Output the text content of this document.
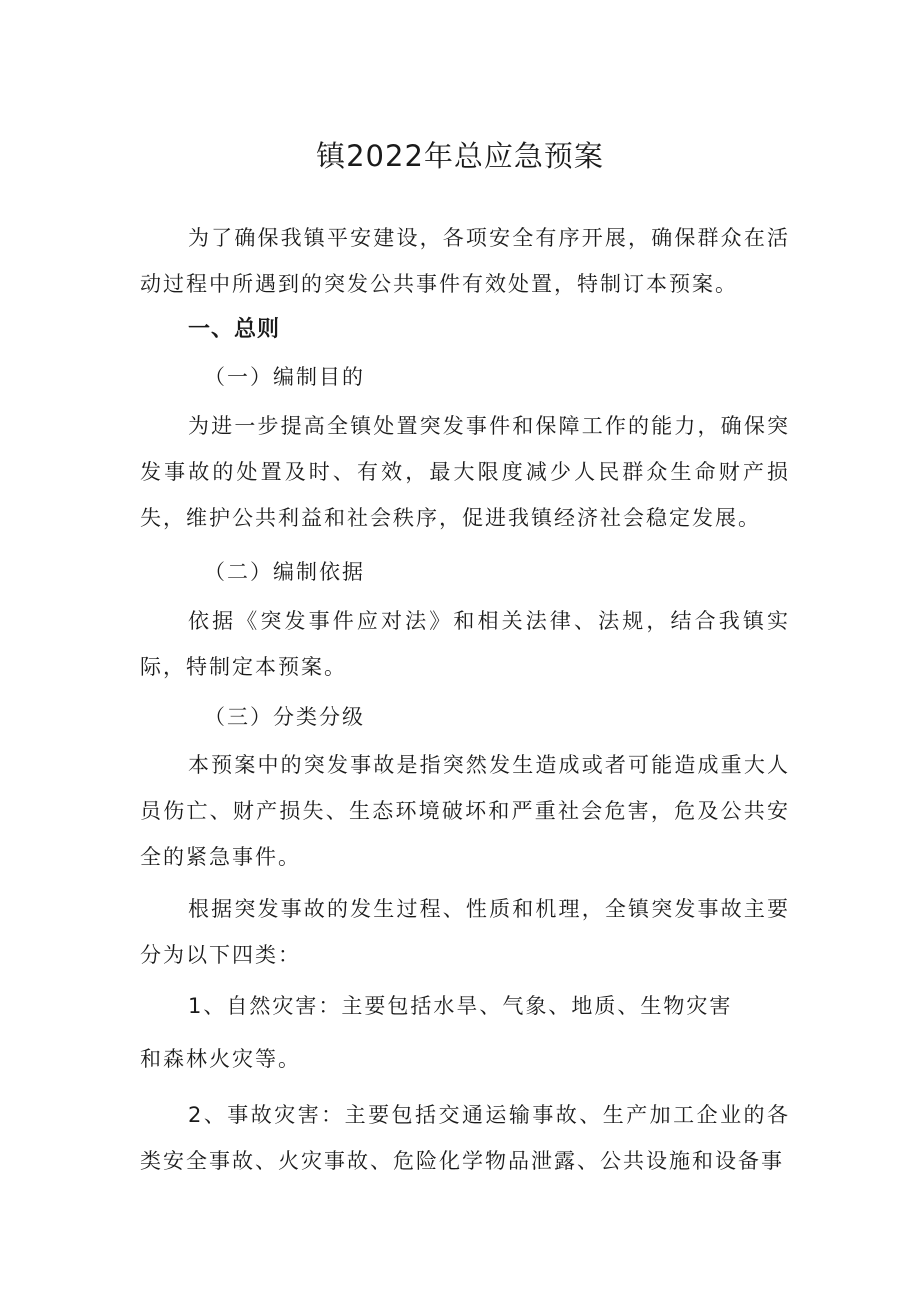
镇2022年总应急预案
为了确保我镇平安建设，各项安全有序开展，确保群众在活动过程中所遇到的突发公共事件有效处置，特制订本预案。
一、总则
（一）编制目的
为进一步提高全镇处置突发事件和保障工作的能力，确保突发事故的处置及时、有效，最大限度减少人民群众生命财产损失，维护公共利益和社会秩序，促进我镇经济社会稳定发展。
（二）编制依据
依据《突发事件应对法》和相关法律、法规，结合我镇实际，特制定本预案。
（三）分类分级
本预案中的突发事故是指突然发生造成或者可能造成重大人员伤亡、财产损失、生态环境破坏和严重社会危害，危及公共安全的紧急事件。
根据突发事故的发生过程、性质和机理，全镇突发事故主要分为以下四类：
1、自然灾害：主要包括水旱、气象、地质、生物灾害
和森林火灾等。
2、事故灾害：主要包括交通运输事故、生产加工企业的各类安全事故、火灾事故、危险化学物品泄露、公共设施和设备事
